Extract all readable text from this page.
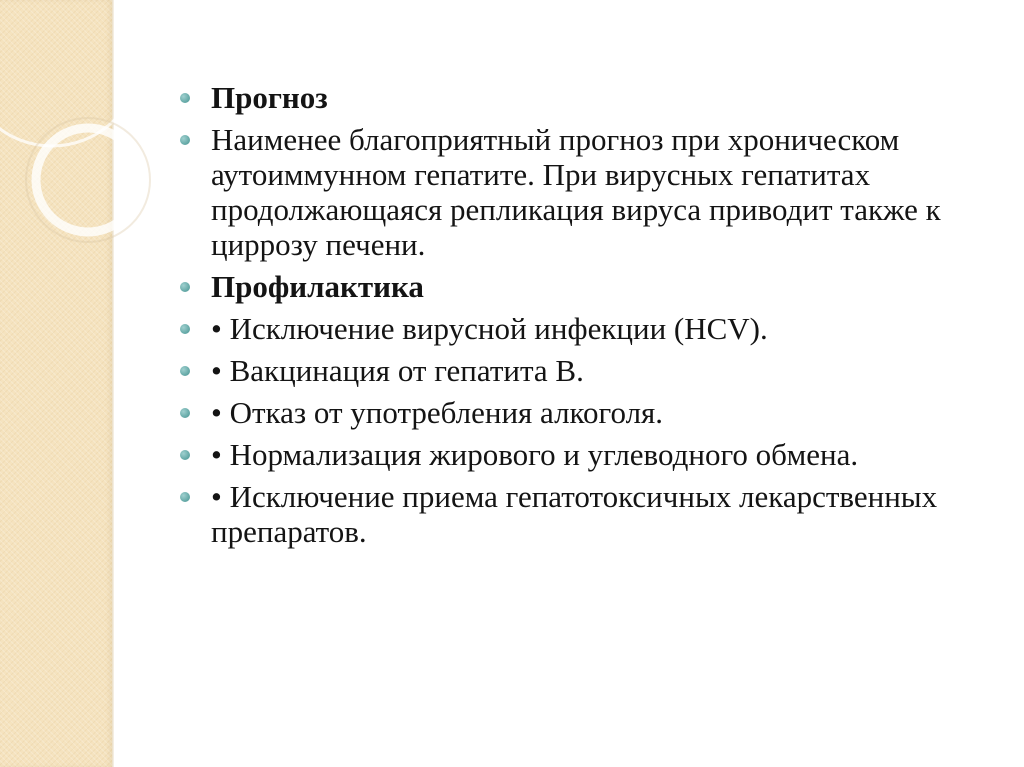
Прогноз
Наименее благоприятный прогноз при хроническом аутоиммунном гепатите. При вирусных гепатитах продолжающаяся репликация вируса приводит также к циррозу печени.
Профилактика
• Исключение вирусной инфекции (HCV).
• Вакцинация от гепатита В.
• Отказ от употребления алкоголя.
• Нормализация жирового и углеводного обмена.
• Исключение приема гепатотоксичных лекарственных препаратов.
